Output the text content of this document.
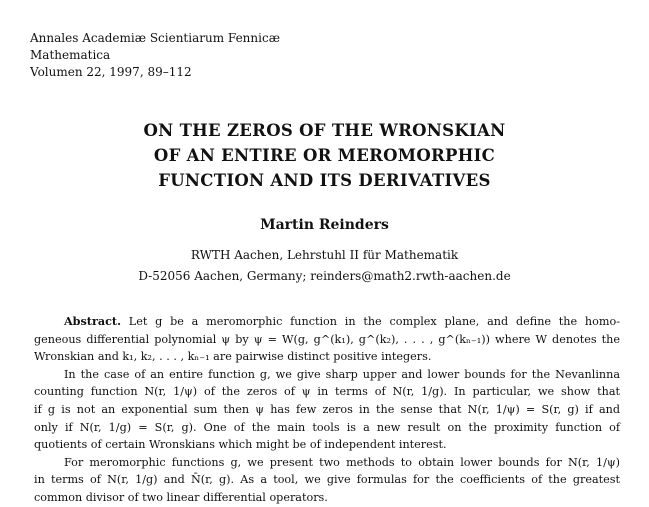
Annales Academiæ Scientiarum Fennicæ
Mathematica
Volumen 22, 1997, 89–112
ON THE ZEROS OF THE WRONSKIAN
OF AN ENTIRE OR MEROMORPHIC
FUNCTION AND ITS DERIVATIVES
Martin Reinders
RWTH Aachen, Lehrstuhl II für Mathematik
D-52056 Aachen, Germany; reinders@math2.rwth-aachen.de
Abstract. Let g be a meromorphic function in the complex plane, and define the homo-
geneous differential polynomial ψ by ψ = W(g, g^(k₁), g^(k₂), . . . , g^(kₙ₋₁)) where W denotes the
Wronskian and k₁, k₂, . . . , kₙ₋₁ are pairwise distinct positive integers.
In the case of an entire function g, we give sharp upper and lower bounds for the Nevanlinna
counting function N(r, 1/ψ) of the zeros of ψ in terms of N(r, 1/g). In particular, we show that
if g is not an exponential sum then ψ has few zeros in the sense that N(r, 1/ψ) = S(r, g) if and
only if N(r, 1/g) = S(r, g). One of the main tools is a new result on the proximity function of
quotients of certain Wronskians which might be of independent interest.
For meromorphic functions g, we present two methods to obtain lower bounds for N(r, 1/ψ)
in terms of N(r, 1/g) and N̄(r, g). As a tool, we give formulas for the coefficients of the greatest
common divisor of two linear differential operators.
